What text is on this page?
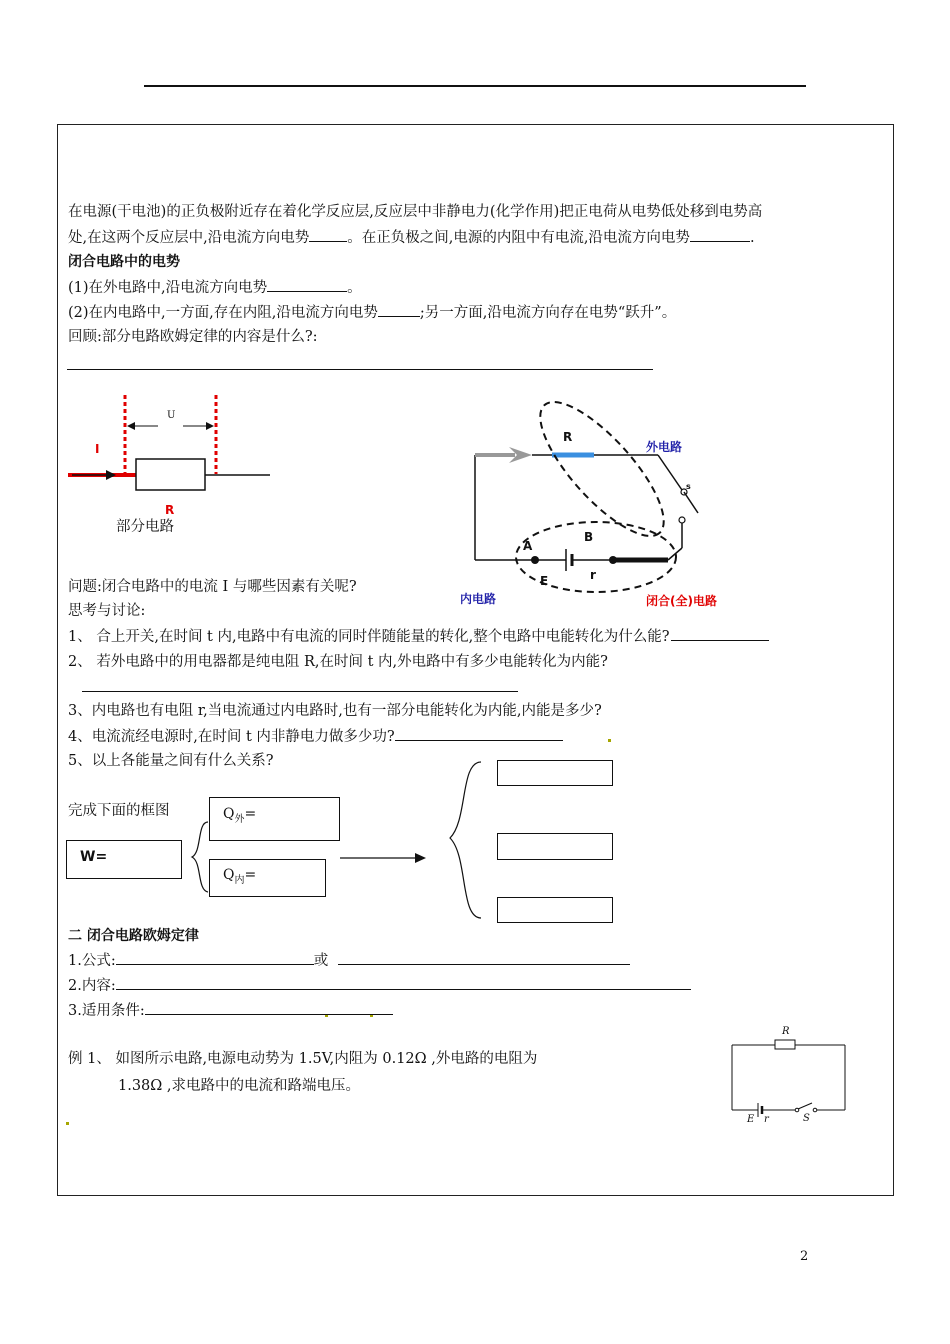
在电源(干电池)的正负极附近存在着化学反应层,反应层中非静电力(化学作用)把正电荷从电势低处移到电势高
处,在这两个反应层中,沿电流方向电势	。在正负极之间,电源的内阻中有电流,沿电流方向电势	.
闭合电路中的电势
(1)在外电路中,沿电流方向电势	。
(2)在内电路中,一方面,存在内阻,沿电流方向电势	;另一方面,沿电流方向存在电势“跃升”。
回顾:部分电路欧姆定律的内容是什么?:
U
I
R
部分电路
R
外电路
s
A
B
E	r
内电路	闭合(全)电路
问题:闭合电路中的电流 I 与哪些因素有关呢?
思考与讨论:
1、 合上开关,在时间 t 内,电路中有电流的同时伴随能量的转化,整个电路中电能转化为什么能?
2、 若外电路中的用电器都是纯电阻 R,在时间 t 内,外电路中有多少电能转化为内能?
3、内电路也有电阻 r,当电流通过内电路时,也有一部分电能转化为内能,内能是多少?
4、电流流经电源时,在时间 t 内非静电力做多少功?
5、以上各能量之间有什么关系?
完成下面的框图
W=
$Q_外=$
$Q_内=$
二 闭合电路欧姆定律
1.公式:	或
2.内容:
3.适用条件:
例 1、 如图所示电路,电源电动势为 1.5V,内阻为 0.12Ω ,外电路的电阻为
1.38Ω ,求电路中的电流和路端电压。
R
E r	S
2
